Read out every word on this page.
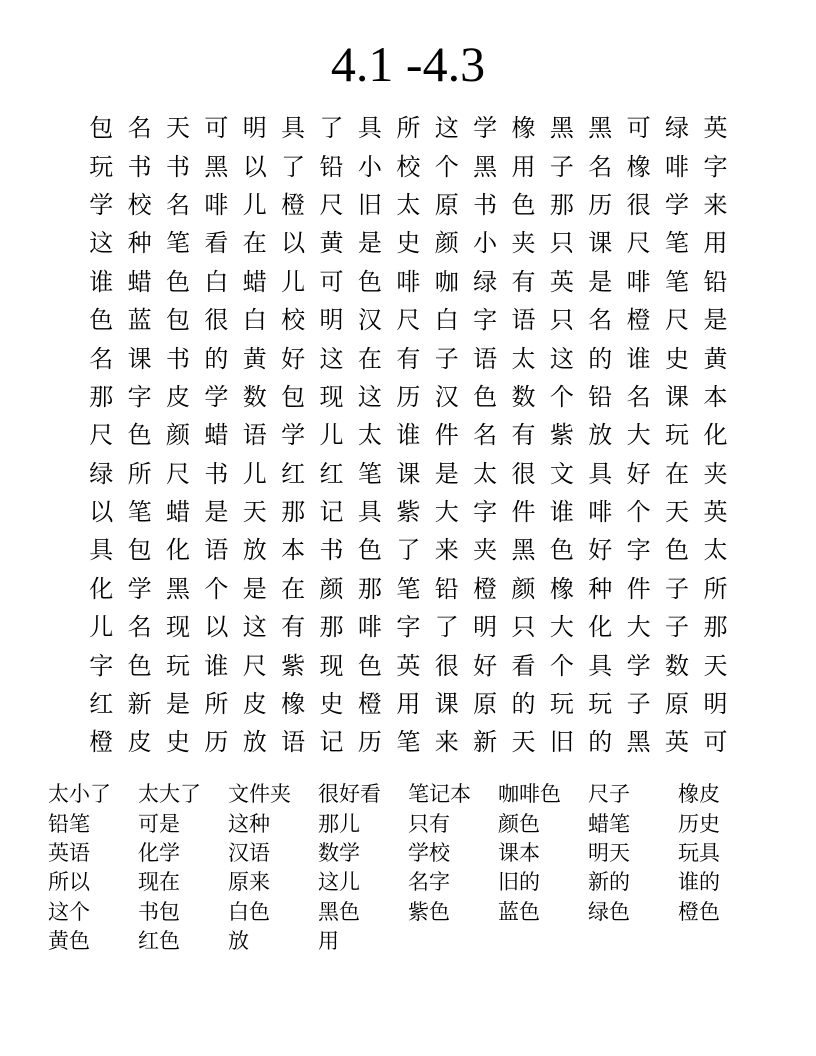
4.1 -4.3
包 名 天 可 明 具 了 具 所 这 学 橡 黑 黑 可 绿 英
玩 书 书 黑 以 了 铅 小 校 个 黑 用 子 名 橡 啡 字
学 校 名 啡 儿 橙 尺 旧 太 原 书 色 那 历 很 学 来
这 种 笔 看 在 以 黄 是 史 颜 小 夹 只 课 尺 笔 用
谁 蜡 色 白 蜡 儿 可 色 啡 咖 绿 有 英 是 啡 笔 铅
色 蓝 包 很 白 校 明 汉 尺 白 字 语 只 名 橙 尺 是
名 课 书 的 黄 好 这 在 有 子 语 太 这 的 谁 史 黄
那 字 皮 学 数 包 现 这 历 汉 色 数 个 铅 名 课 本
尺 色 颜 蜡 语 学 儿 太 谁 件 名 有 紫 放 大 玩 化
绿 所 尺 书 儿 红 红 笔 课 是 太 很 文 具 好 在 夹
以 笔 蜡 是 天 那 记 具 紫 大 字 件 谁 啡 个 天 英
具 包 化 语 放 本 书 色 了 来 夹 黑 色 好 字 色 太
化 学 黑 个 是 在 颜 那 笔 铅 橙 颜 橡 种 件 子 所
儿 名 现 以 这 有 那 啡 字 了 明 只 大 化 大 子 那
字 色 玩 谁 尺 紫 现 色 英 很 好 看 个 具 学 数 天
红 新 是 所 皮 橡 史 橙 用 课 原 的 玩 玩 子 原 明
橙 皮 史 历 放 语 记 历 笔 来 新 天 旧 的 黑 英 可
太小了	太大了	文件夹	很好看	笔记本	咖啡色	尺子	橡皮
铅笔	可是	这种	那儿	只有	颜色	蜡笔	历史
英语	化学	汉语	数学	学校	课本	明天	玩具
所以	现在	原来	这儿	名字	旧的	新的	谁的
这个	书包	白色	黑色	紫色	蓝色	绿色	橙色
黄色	红色	放	用
